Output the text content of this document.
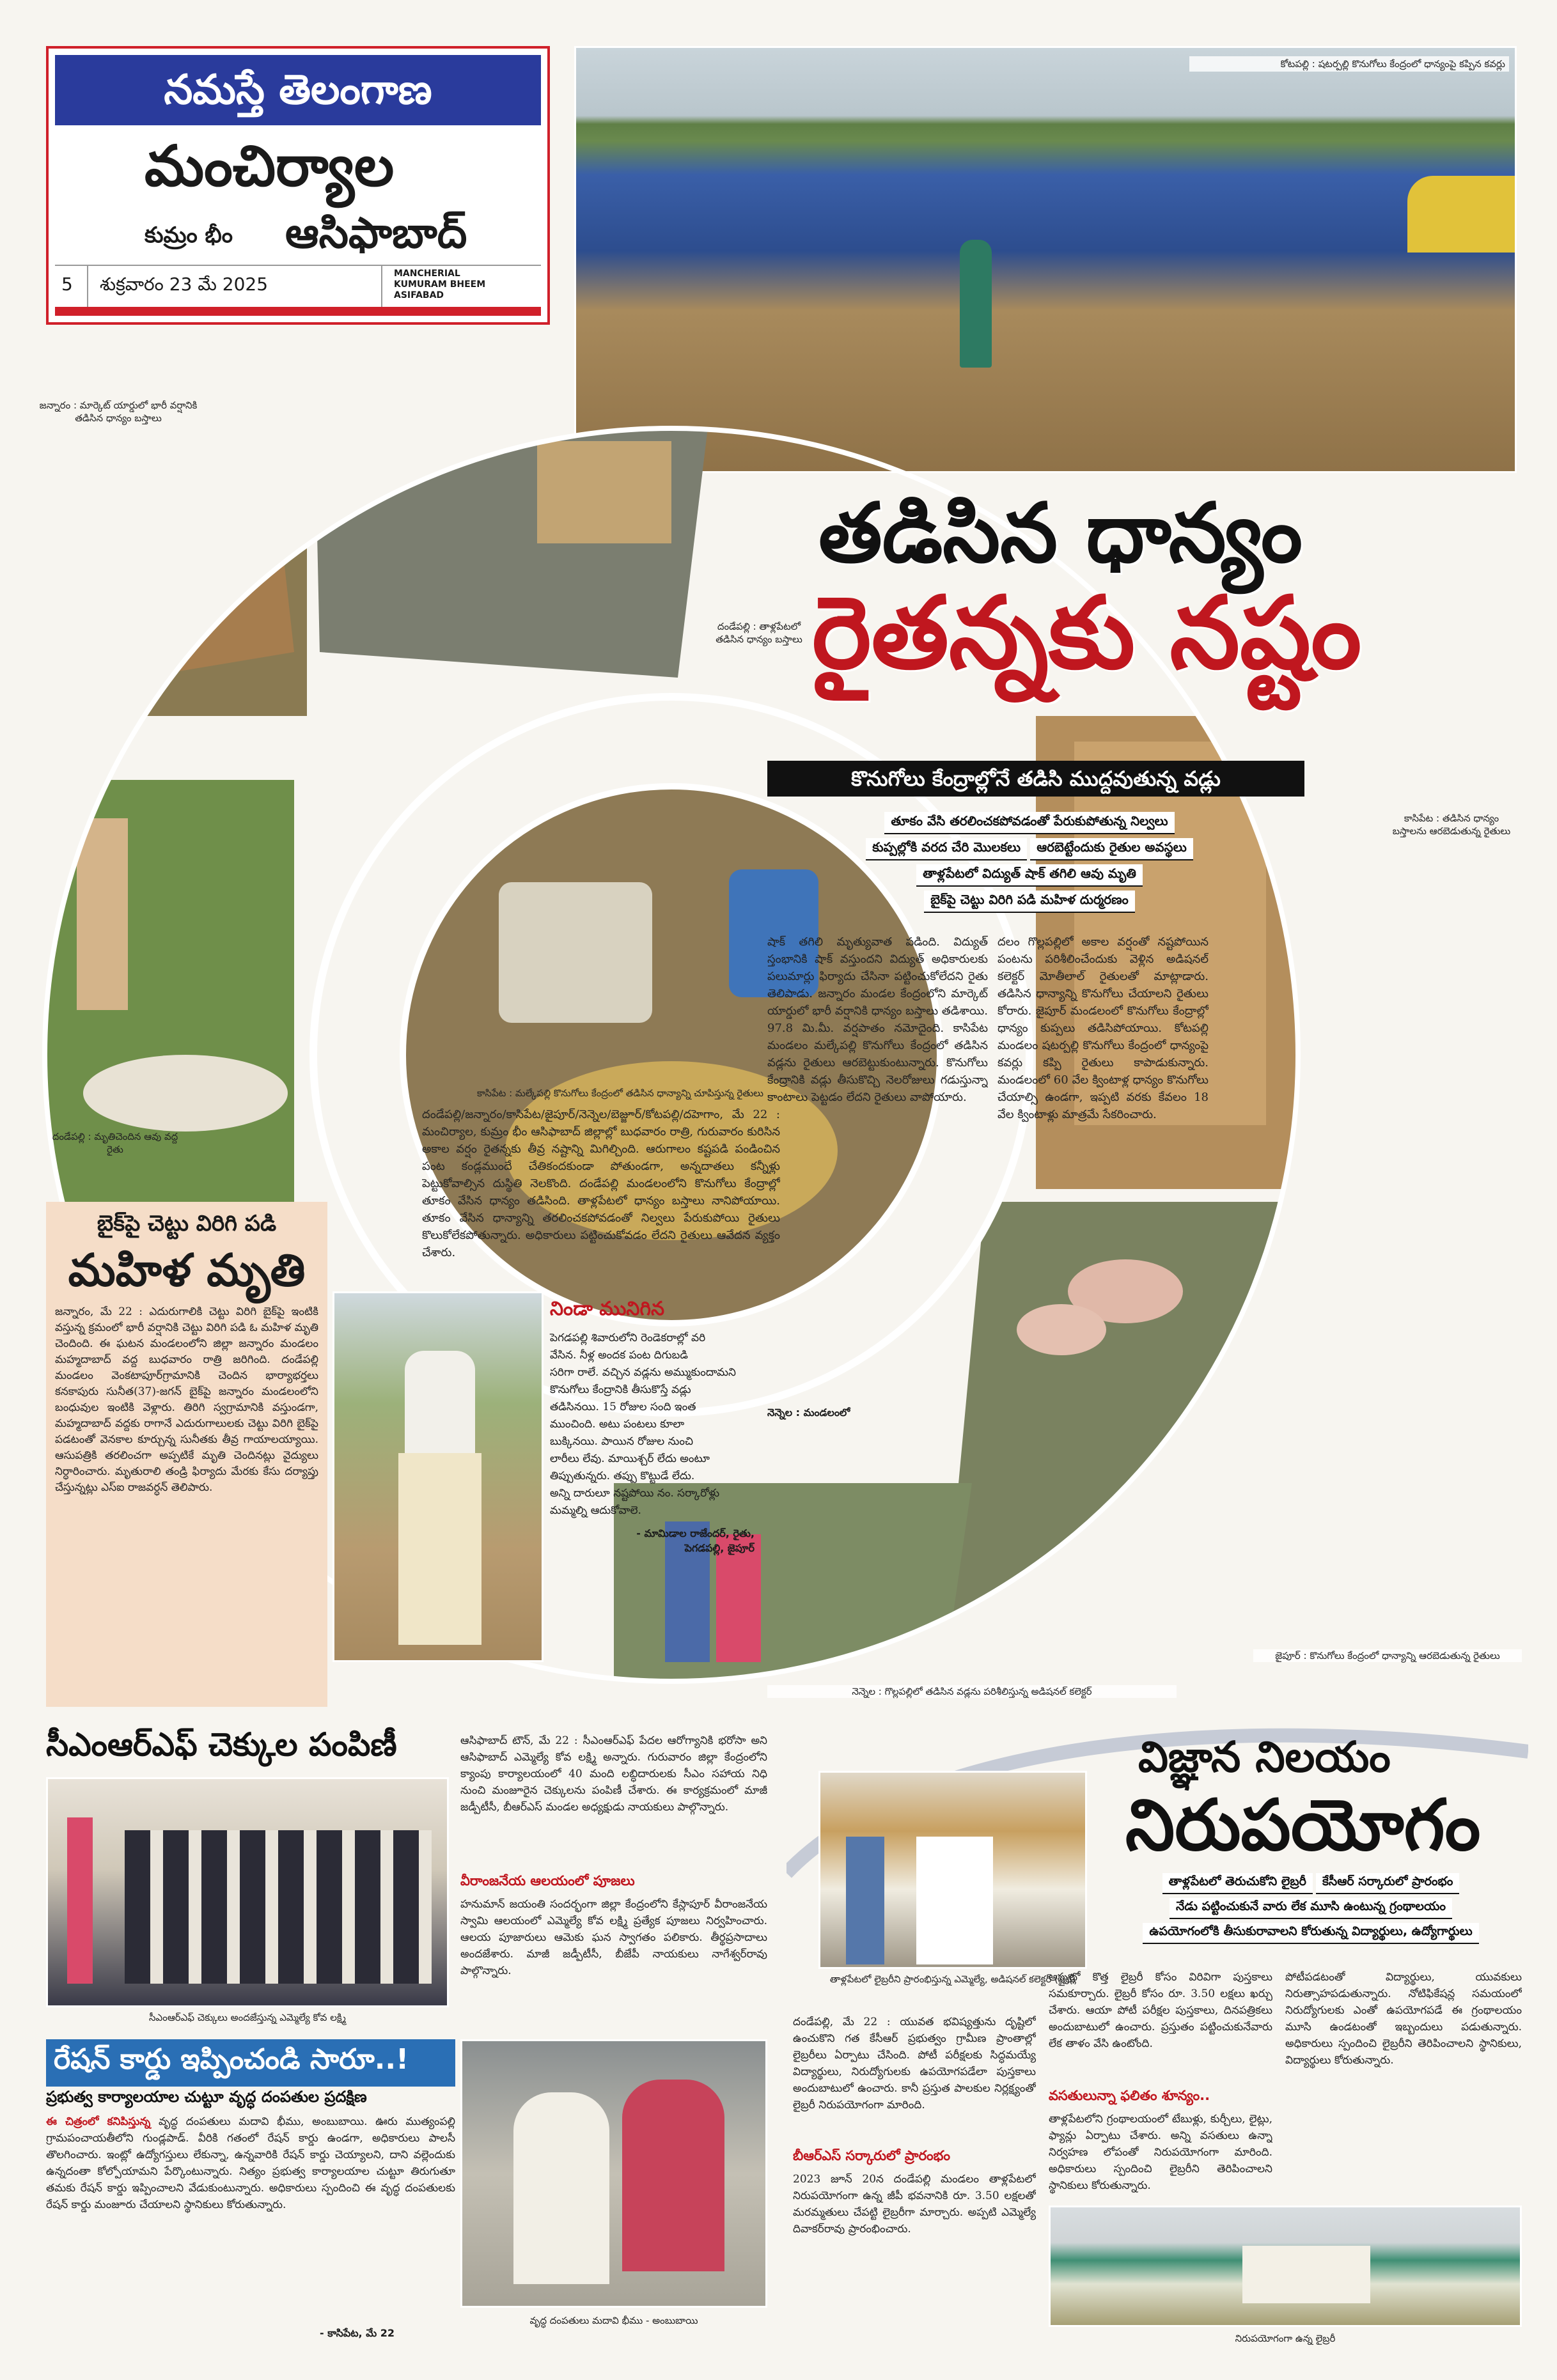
నమస్తే తెలంగాణ
మంచిర్యాల
కుమ్రం భీం ఆసిఫాబాద్
5 శుక్రవారం 23 మే 2025	MANCHERIAL
KUMURAM BHEEM
ASIFABAD
కోటపల్లి : షటర్పల్లి కొనుగోలు కేంద్రంలో ధాన్యంపై కప్పిన కవర్లు
జన్నారం : మార్కెట్ యార్డులో భారీ వర్షానికి తడిసిన ధాన్యం బస్తాలు
దండేపల్లి : తాళ్లపేటలో తడిసిన ధాన్యం బస్తాలు
కాసిపేట : తడిసిన ధాన్యం బస్తాలను ఆరబెడుతున్న రైతులు
దండేపల్లి : మృతిచెందిన ఆవు వద్ద రైతు
కాసిపేట : మల్కేపల్లి కొనుగోలు కేంద్రంలో తడిసిన ధాన్యాన్ని చూపిస్తున్న రైతులు
నెన్నెల : గొల్లపల్లిలో తడిసిన వడ్లను పరిశీలిస్తున్న అడిషనల్ కలెక్టర్
జైపూర్ : కొనుగోలు కేంద్రంలో ధాన్యాన్ని ఆరబెడుతున్న రైతులు
తడిసిన ధాన్యం
రైతన్నకు నష్టం
కొనుగోలు కేంద్రాల్లోనే తడిసి ముద్దవుతున్న వడ్లు
తూకం వేసి తరలించకపోవడంతో పేరుకుపోతున్న నిల్వలు
కుప్పల్లోకి వరద చేరి మొలకలు ఆరబెట్టేందుకు రైతుల అవస్థలు
తాళ్లపేటలో విద్యుత్ షాక్ తగిలి ఆవు మృతి
బైక్‌పై చెట్టు విరిగి పడి మహిళ దుర్మరణం
దండేపల్లి/జన్నారం/కాసిపేట/జైపూర్/నెన్నెల/బెజ్జూర్/కోటపల్లి/దహెగాం, మే 22 : మంచిర్యాల, కుమ్రం భీం ఆసిఫాబాద్ జిల్లాల్లో బుధవారం రాత్రి, గురువారం కురిసిన అకాల వర్షం రైతన్నకు తీవ్ర నష్టాన్ని మిగిల్చింది. ఆరుగాలం కష్టపడి పండించిన పంట కండ్లముందే చేతికందకుండా పోతుండగా, అన్నదాతలు కన్నీళ్లు పెట్టుకోవాల్సిన దుస్థితి నెలకొంది. దండేపల్లి మండలంలోని కొనుగోలు కేంద్రాల్లో తూకం వేసిన ధాన్యం తడిసింది. తాళ్లపేటలో ధాన్యం బస్తాలు నానిపోయాయి. తూకం వేసిన ధాన్యాన్ని తరలించకపోవడంతో నిల్వలు పేరుకుపోయి రైతులు కొలుకోలేకపోతున్నారు. అధికారులు పట్టించుకోవడం లేదని రైతులు ఆవేదన వ్యక్తం చేశారు.
షాక్ తగిలి మృత్యువాత పడింది. విద్యుత్ స్తంభానికి షాక్ వస్తుందని విద్యుత్ అధికారులకు పలుమార్లు ఫిర్యాదు చేసినా పట్టించుకోలేదని రైతు తెలిపాడు. జన్నారం మండల కేంద్రంలోని మార్కెట్ యార్డులో భారీ వర్షానికి ధాన్యం బస్తాలు తడిశాయి. 97.8 మి.మీ. వర్షపాతం నమోదైంది. కాసిపేట మండలం మల్కేపల్లి కొనుగోలు కేంద్రంలో తడిసిన వడ్లను రైతులు ఆరబెట్టుకుంటున్నారు. కొనుగోలు కేంద్రానికి వడ్లు తీసుకొచ్చి నెలరోజులు గడుస్తున్నా కాంటాలు పెట్టడం లేదని రైతులు వాపోయారు.
దలం గొల్లపల్లిలో అకాల వర్షంతో నష్టపోయిన పంటను పరిశీలించేందుకు వెళ్లిన అడిషనల్ కలెక్టర్ మోతీలాల్ రైతులతో మాట్లాడారు. తడిసిన ధాన్యాన్ని కొనుగోలు చేయాలని రైతులు కోరారు. జైపూర్ మండలంలో కొనుగోలు కేంద్రాల్లో ధాన్యం కుప్పలు తడిసిపోయాయి. కోటపల్లి మండలం షటర్పల్లి కొనుగోలు కేంద్రంలో ధాన్యంపై కవర్లు కప్పి రైతులు కాపాడుకున్నారు. మండలంలో 60 వేల క్వింటాళ్ల ధాన్యం కొనుగోలు చేయాల్సి ఉండగా, ఇప్పటి వరకు కేవలం 18 వేల క్వింటాళ్లు మాత్రమే సేకరించారు.
నెన్నెల : మండలంలో
బైక్‌పై చెట్టు విరిగి పడి
మహిళ మృతి
జన్నారం, మే 22 : ఎదురుగాలికి చెట్టు విరిగి బైక్‌పై ఇంటికి వస్తున్న క్రమంలో భారీ వర్షానికి చెట్టు విరిగి పడి ఓ మహిళ మృతి చెందింది. ఈ ఘటన మండలంలోని జిల్లా జన్నారం మండలం మహ్మదాబాద్ వద్ద బుధవారం రాత్రి జరిగింది. దండేపల్లి మండలం వెంకటాపూర్‌గ్రామానికి చెందిన భార్యాభర్తలు కనకాపురు సునీత(37)-జగన్ బైక్‌పై జన్నారం మండలంలోని బంధువుల ఇంటికి వెళ్లారు. తిరిగి స్వగ్రామానికి వస్తుండగా, మహ్మదాబాద్ వద్దకు రాగానే ఎదురుగాలులకు చెట్టు విరిగి బైక్‌పై పడటంతో వెనకాల కూర్చున్న సునీతకు తీవ్ర గాయాలయ్యాయి. ఆసుపత్రికి తరలించగా అప్పటికే మృతి చెందినట్లు వైద్యులు నిర్ధారించారు. మృతురాలి తండ్రి ఫిర్యాదు మేరకు కేసు దర్యాప్తు చేస్తున్నట్లు ఎస్ఐ రాజవర్ధన్ తెలిపారు.
నిండా మునిగిన
పెగడపల్లి శివారులోని రెండెకరాల్లో వరి
వేసిన. నీళ్ల అందక పంట దిగుబడి
సరిగా రాలే. వచ్చిన వడ్లను అమ్ముకుందామని
కొనుగోలు కేంద్రానికి తీసుకొస్తే వడ్లు
తడిసినయి. 15 రోజుల సంది ఇంత
ముంచింది. అటు పంటలు కూలా
బుక్కినయి. పాయిన రోజుల నుంచి
లారీలు లేవు. మాయిశ్చర్ లేదు అంటూ
తిప్పుతున్నరు. తప్పు కొట్టుడే లేదు.
అన్ని దారులూ నష్టపోయి నం. సర్కారోళ్లు
మమ్మల్ని ఆదుకోవాలె.
- మామిడాల రాజేందర్, రైతు,
పెగడపల్లి, జైపూర్
సీఎంఆర్ఎఫ్ చెక్కుల పంపిణీ
సీఎంఆర్ఎఫ్ చెక్కులు అందజేస్తున్న ఎమ్మెల్యే కోవ లక్ష్మి
ఆసిఫాబాద్ టౌన్, మే 22 : సీఎంఆర్ఎఫ్ పేదల ఆరోగ్యానికి భరోసా అని ఆసిఫాబాద్ ఎమ్మెల్యే కోవ లక్ష్మి అన్నారు. గురువారం జిల్లా కేంద్రంలోని క్యాంపు కార్యాలయంలో 40 మంది లబ్ధిదారులకు సీఎం సహాయ నిధి నుంచి మంజూరైన చెక్కులను పంపిణీ చేశారు. ఈ కార్యక్రమంలో మాజీ జడ్పీటీసీ, బీఆర్ఎస్ మండల అధ్యక్షుడు నాయకులు పాల్గొన్నారు.
వీరాంజనేయ ఆలయంలో పూజలు
హనుమాన్ జయంతి సందర్భంగా జిల్లా కేంద్రంలోని కేస్లాపూర్ వీరాంజనేయ స్వామి ఆలయంలో ఎమ్మెల్యే కోవ లక్ష్మి ప్రత్యేక పూజలు నిర్వహించారు. ఆలయ పూజారులు ఆమెకు ఘన స్వాగతం పలికారు. తీర్థప్రసాదాలు అందజేశారు. మాజీ జడ్పీటీసీ, బీజేపీ నాయకులు నాగేశ్వర్‌రావు పాల్గొన్నారు.
రేషన్ కార్డు ఇప్పించండి సారూ..!
ప్రభుత్వ కార్యాలయాల చుట్టూ వృద్ధ దంపతుల ప్రదక్షిణ
ఈ చిత్రంలో కనిపిస్తున్న వృద్ధ దంపతులు మదావి భీము, అంబుబాయి. ఊరు ముత్యంపల్లి గ్రామపంచాయతీలోని గుండ్లపాడ్. వీరికి గతంలో రేషన్ కార్డు ఉండగా, అధికారులు పాలసీ తొలగించారు. ఇంట్లో ఉద్యోగస్తులు లేకున్నా, ఉన్నవారికి రేషన్ కార్డు చెయ్యాలని, దాని వల్లెందుకు ఉన్నదంతా కోల్పోయామని పేర్కొంటున్నారు. నిత్యం ప్రభుత్వ కార్యాలయాల చుట్టూ తిరుగుతూ తమకు రేషన్ కార్డు ఇప్పించాలని వేడుకుంటున్నారు. అధికారులు స్పందించి ఈ వృద్ధ దంపతులకు రేషన్ కార్డు మంజూరు చేయాలని స్థానికులు కోరుతున్నారు.
- కాసిపేట, మే 22
వృద్ధ దంపతులు మదావి భీము - అంబుబాయి
విజ్ఞాన నిలయం
నిరుపయోగం
తాళ్లపేటలో లైబ్రరీని ప్రారంభిస్తున్న ఎమ్మెల్యే, అడిషనల్ కలెక్టర్ (ఫైల్)
తాళ్లపేటలో తెరుచుకోని లైబ్రరీ కేసీఆర్ సర్కారులో ప్రారంభం
నేడు పట్టించుకునే వారు లేక మూసి ఉంటున్న గ్రంథాలయం
ఉపయోగంలోకి తీసుకురావాలని కోరుతున్న విద్యార్థులు, ఉద్యోగార్థులు
దండేపల్లి, మే 22 : యువత భవిష్యత్తును దృష్టిలో ఉంచుకొని గత కేసీఆర్ ప్రభుత్వం గ్రామీణ ప్రాంతాల్లో లైబ్రరీలు ఏర్పాటు చేసింది. పోటీ పరీక్షలకు సిద్ధమయ్యే విద్యార్థులు, నిరుద్యోగులకు ఉపయోగపడేలా పుస్తకాలు అందుబాటులో ఉంచారు. కానీ ప్రస్తుత పాలకుల నిర్లక్ష్యంతో లైబ్రరీ నిరుపయోగంగా మారింది.
బీఆర్ఎస్ సర్కారులో ప్రారంభం
2023 జూన్ 20న దండేపల్లి మండలం తాళ్లపేటలో నిరుపయోగంగా ఉన్న జీపీ భవనానికి రూ. 3.50 లక్షలతో మరమ్మతులు చేపట్టి లైబ్రరీగా మార్చారు. అప్పటి ఎమ్మెల్యే దివాకర్‌రావు ప్రారంభించారు.
అప్పట్లో కొత్త లైబ్రరీ కోసం విరివిగా పుస్తకాలు సమకూర్చారు. లైబ్రరీ కోసం రూ. 3.50 లక్షలు ఖర్చు చేశారు. ఆయా పోటీ పరీక్షల పుస్తకాలు, దినపత్రికలు అందుబాటులో ఉంచారు. ప్రస్తుతం పట్టించుకునేవారు లేక తాళం వేసి ఉంటోంది.
వసతులున్నా ఫలితం శూన్యం..
తాళ్లపేటలోని గ్రంథాలయంలో టేబుళ్లు, కుర్చీలు, లైట్లు, ఫ్యాన్లు ఏర్పాటు చేశారు. అన్ని వసతులు ఉన్నా నిర్వహణ లోపంతో నిరుపయోగంగా మారింది. అధికారులు స్పందించి లైబ్రరీని తెరిపించాలని స్థానికులు కోరుతున్నారు.
పోటీపడటంతో విద్యార్థులు, యువకులు నిరుత్సాహపడుతున్నారు. నోటిఫికేషన్ల సమయంలో నిరుద్యోగులకు ఎంతో ఉపయోగపడే ఈ గ్రంథాలయం మూసి ఉండటంతో ఇబ్బందులు పడుతున్నారు. అధికారులు స్పందించి లైబ్రరీని తెరిపించాలని స్థానికులు, విద్యార్థులు కోరుతున్నారు.
నిరుపయోగంగా ఉన్న లైబ్రరీ
